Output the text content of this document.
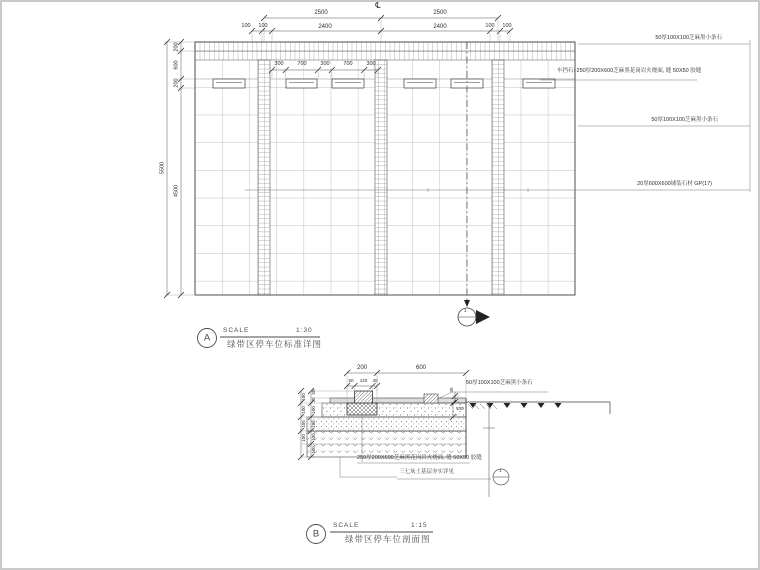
℄
2500	2500
100	100	2400	2400	100	100
300	700	300	700	300
200
600
200
4500
5500
50厚100X100芝麻黑小条石
车挡石: 250厚200X600芝麻黑花岗岩火烧面, 缝 50X50 胶缝
50厚100X100芝麻黑小条石
20厚600X600铺装石材 GP(17)
1
A
SCALE	1:30
绿带区停车位标准详图
200	600
50	120	30
50
30
100
105
100
100
100
100
105
100
30
100
50厚100X100芝麻黑小条石
250厚200X600芝麻黑花岗岩火烧面, 缝 50X50 胶缝
三七灰土基层夯实详见	1
B
SCALE	1:15
绿带区停车位剖面图
